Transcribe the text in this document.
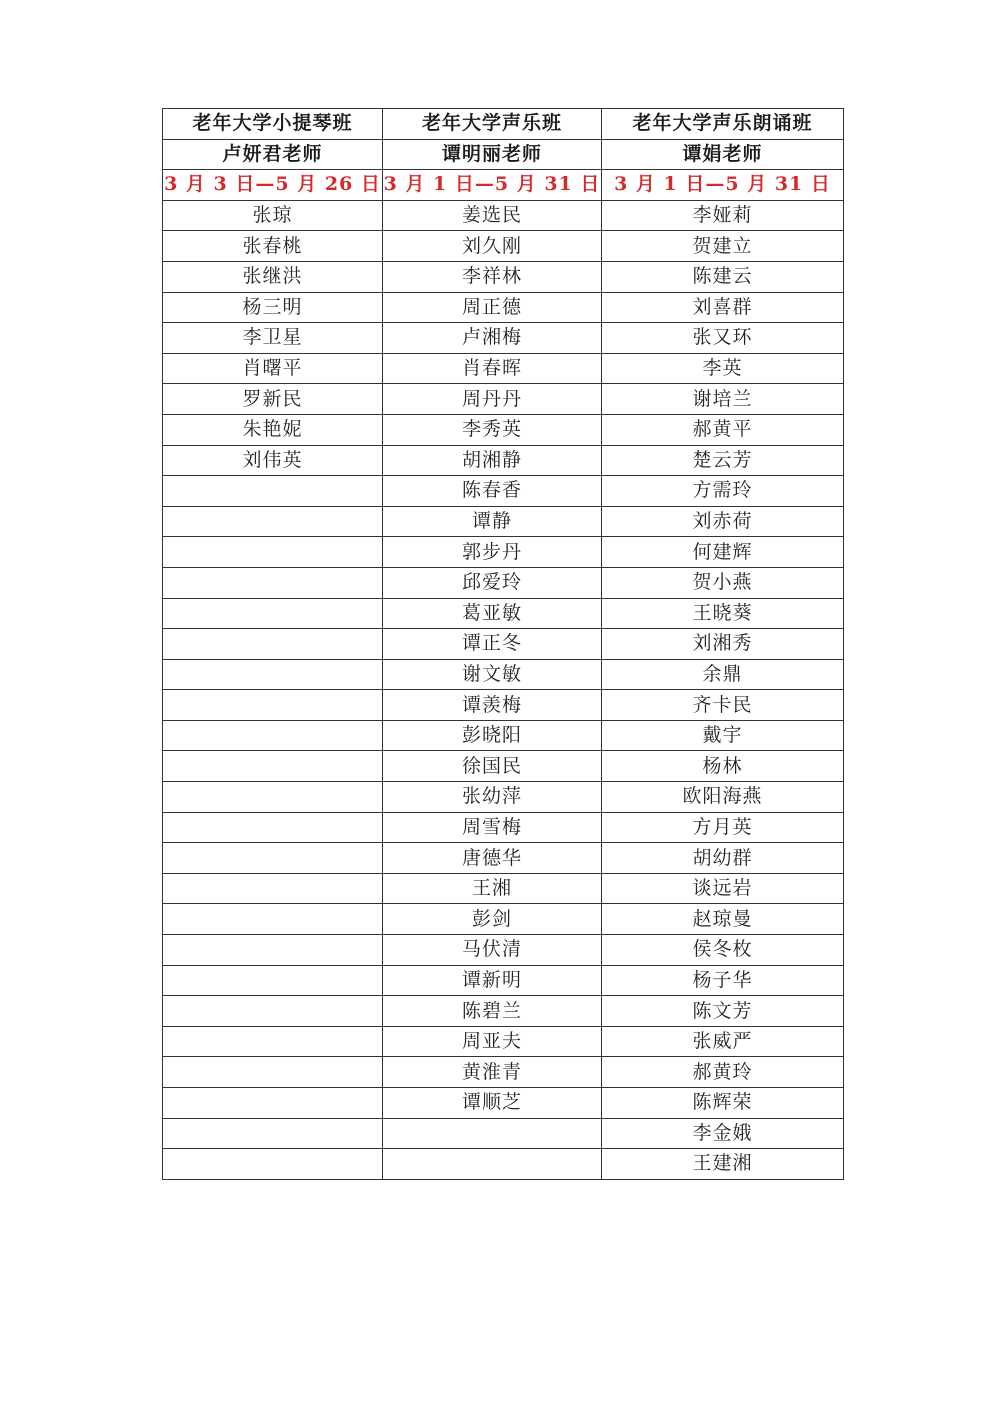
老年大学小提琴班	老年大学声乐班	老年大学声乐朗诵班
卢妍君老师	谭明丽老师	谭娟老师
3 月 3 日—5 月 26 日	3 月 1 日—5 月 31 日	3 月 1 日—5 月 31 日
张琼	姜选民	李娅莉
张春桃	刘久刚	贺建立
张继洪	李祥林	陈建云
杨三明	周正德	刘喜群
李卫星	卢湘梅	张又环
肖曙平	肖春晖	李英
罗新民	周丹丹	谢培兰
朱艳妮	李秀英	郝黄平
刘伟英	胡湘静	楚云芳
	陈春香	方需玲
	谭静	刘赤荷
	郭步丹	何建辉
	邱爱玲	贺小燕
	葛亚敏	王晓葵
	谭正冬	刘湘秀
	谢文敏	余鼎
	谭羡梅	齐卡民
	彭晓阳	戴宇
	徐国民	杨林
	张幼萍	欧阳海燕
	周雪梅	方月英
	唐德华	胡幼群
	王湘	谈远岩
	彭剑	赵琼曼
	马伏清	侯冬枚
	谭新明	杨子华
	陈碧兰	陈文芳
	周亚夫	张威严
	黄淮青	郝黄玲
	谭顺芝	陈辉荣
		李金娥
		王建湘
